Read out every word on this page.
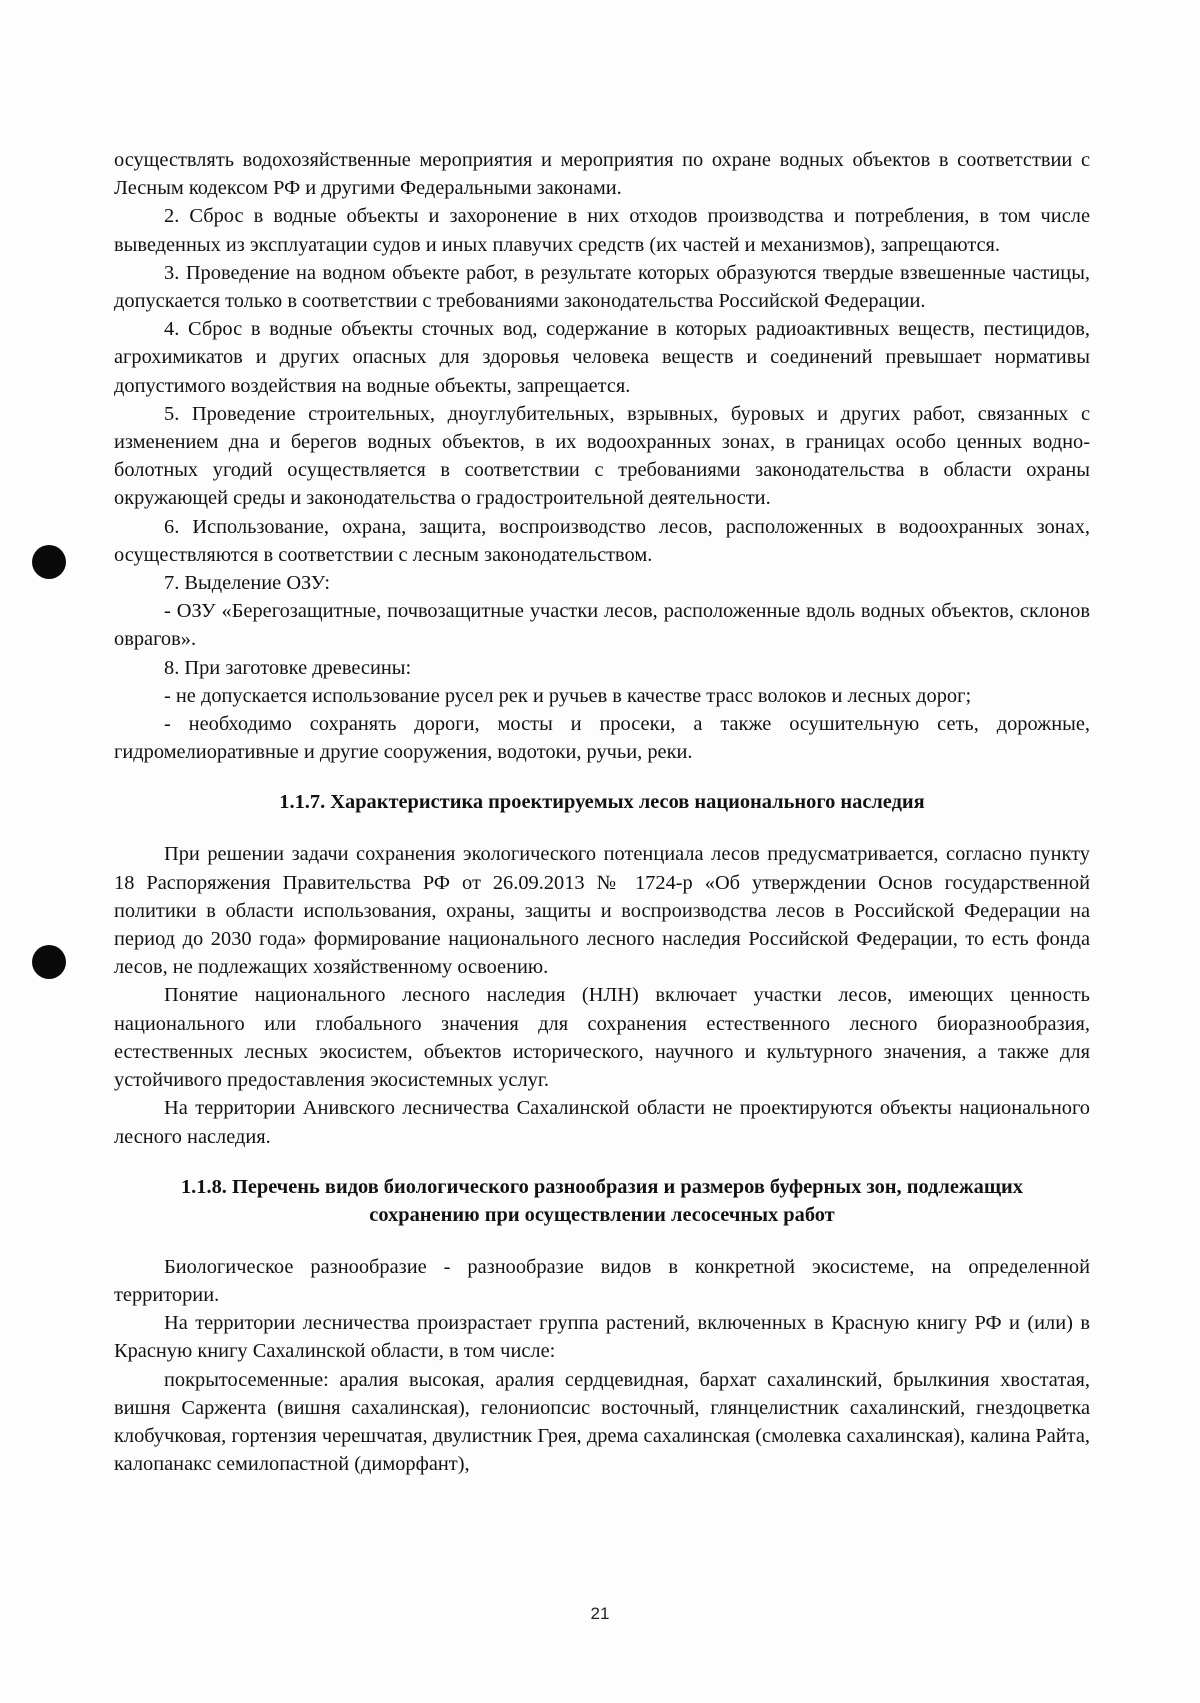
осуществлять водохозяйственные мероприятия и мероприятия по охране водных объектов в соответствии с Лесным кодексом РФ и другими Федеральными законами.

2. Сброс в водные объекты и захоронение в них отходов производства и потребления, в том числе выведенных из эксплуатации судов и иных плавучих средств (их частей и механизмов), запрещаются.

3. Проведение на водном объекте работ, в результате которых образуются твердые взвешенные частицы, допускается только в соответствии с требованиями законодательства Российской Федерации.

4. Сброс в водные объекты сточных вод, содержание в которых радиоактивных веществ, пестицидов, агрохимикатов и других опасных для здоровья человека веществ и соединений превышает нормативы допустимого воздействия на водные объекты, запрещается.

5. Проведение строительных, дноуглубительных, взрывных, буровых и других работ, связанных с изменением дна и берегов водных объектов, в их водоохранных зонах, в границах особо ценных водно-болотных угодий осуществляется в соответствии с требованиями законодательства в области охраны окружающей среды и законодательства о градостроительной деятельности.

6. Использование, охрана, защита, воспроизводство лесов, расположенных в водоохранных зонах, осуществляются в соответствии с лесным законодательством.

7. Выделение ОЗУ:

- ОЗУ «Берегозащитные, почвозащитные участки лесов, расположенные вдоль водных объектов, склонов оврагов».

8. При заготовке древесины:

- не допускается использование русел рек и ручьев в качестве трасс волоков и лесных дорог;

- необходимо сохранять дороги, мосты и просеки, а также осушительную сеть, дорожные, гидромелиоративные и другие сооружения, водотоки, ручьи, реки.

1.1.7. Характеристика проектируемых лесов национального наследия

При решении задачи сохранения экологического потенциала лесов предусматривается, согласно пункту 18 Распоряжения Правительства РФ от 26.09.2013 № 1724-р «Об утверждении Основ государственной политики в области использования, охраны, защиты и воспроизводства лесов в Российской Федерации на период до 2030 года» формирование национального лесного наследия Российской Федерации, то есть фонда лесов, не подлежащих хозяйственному освоению.

Понятие национального лесного наследия (НЛН) включает участки лесов, имеющих ценность национального или глобального значения для сохранения естественного лесного биоразнообразия, естественных лесных экосистем, объектов исторического, научного и культурного значения, а также для устойчивого предоставления экосистемных услуг.

На территории Анивского лесничества Сахалинской области не проектируются объекты национального лесного наследия.

1.1.8. Перечень видов биологического разнообразия и размеров буферных зон, подлежащих
сохранению при осуществлении лесосечных работ

Биологическое разнообразие - разнообразие видов в конкретной экосистеме, на определенной территории.

На территории лесничества произрастает группа растений, включенных в Красную книгу РФ и (или) в Красную книгу Сахалинской области, в том числе:

покрытосеменные: аралия высокая, аралия сердцевидная, бархат сахалинский, брылкиния хвостатая, вишня Саржента (вишня сахалинская), гелониопсис восточный, глянцелистник сахалинский, гнездоцветка клобучковая, гортензия черешчатая, двулистник Грея, дрема сахалинская (смолевка сахалинская), калина Райта, калопанакс семилопастной (диморфант),

21
